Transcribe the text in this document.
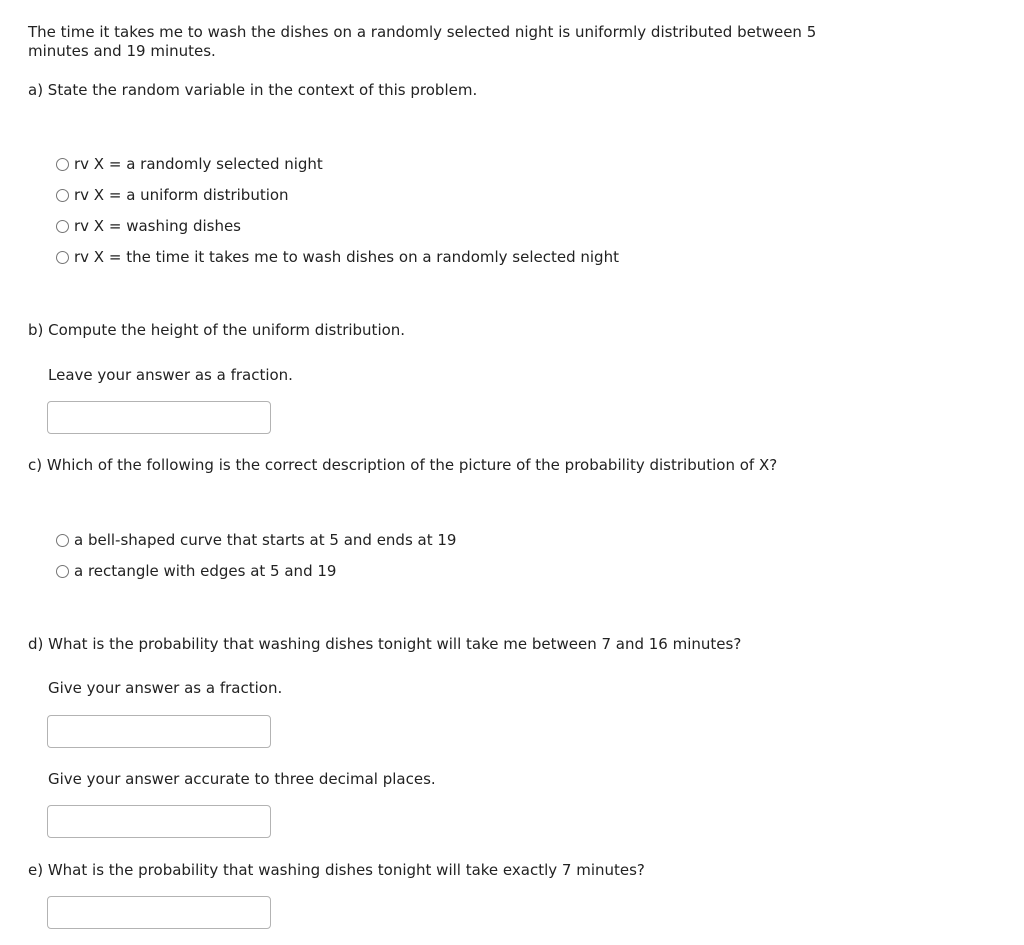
The time it takes me to wash the dishes on a randomly selected night is uniformly distributed between 5 minutes and 19 minutes.
a) State the random variable in the context of this problem.
rv X = a randomly selected night
rv X = a uniform distribution
rv X = washing dishes
rv X = the time it takes me to wash dishes on a randomly selected night
b) Compute the height of the uniform distribution.
Leave your answer as a fraction.
c) Which of the following is the correct description of the picture of the probability distribution of X?
a bell-shaped curve that starts at 5 and ends at 19
a rectangle with edges at 5 and 19
d) What is the probability that washing dishes tonight will take me between 7 and 16 minutes?
Give your answer as a fraction.
Give your answer accurate to three decimal places.
e) What is the probability that washing dishes tonight will take exactly 7 minutes?
